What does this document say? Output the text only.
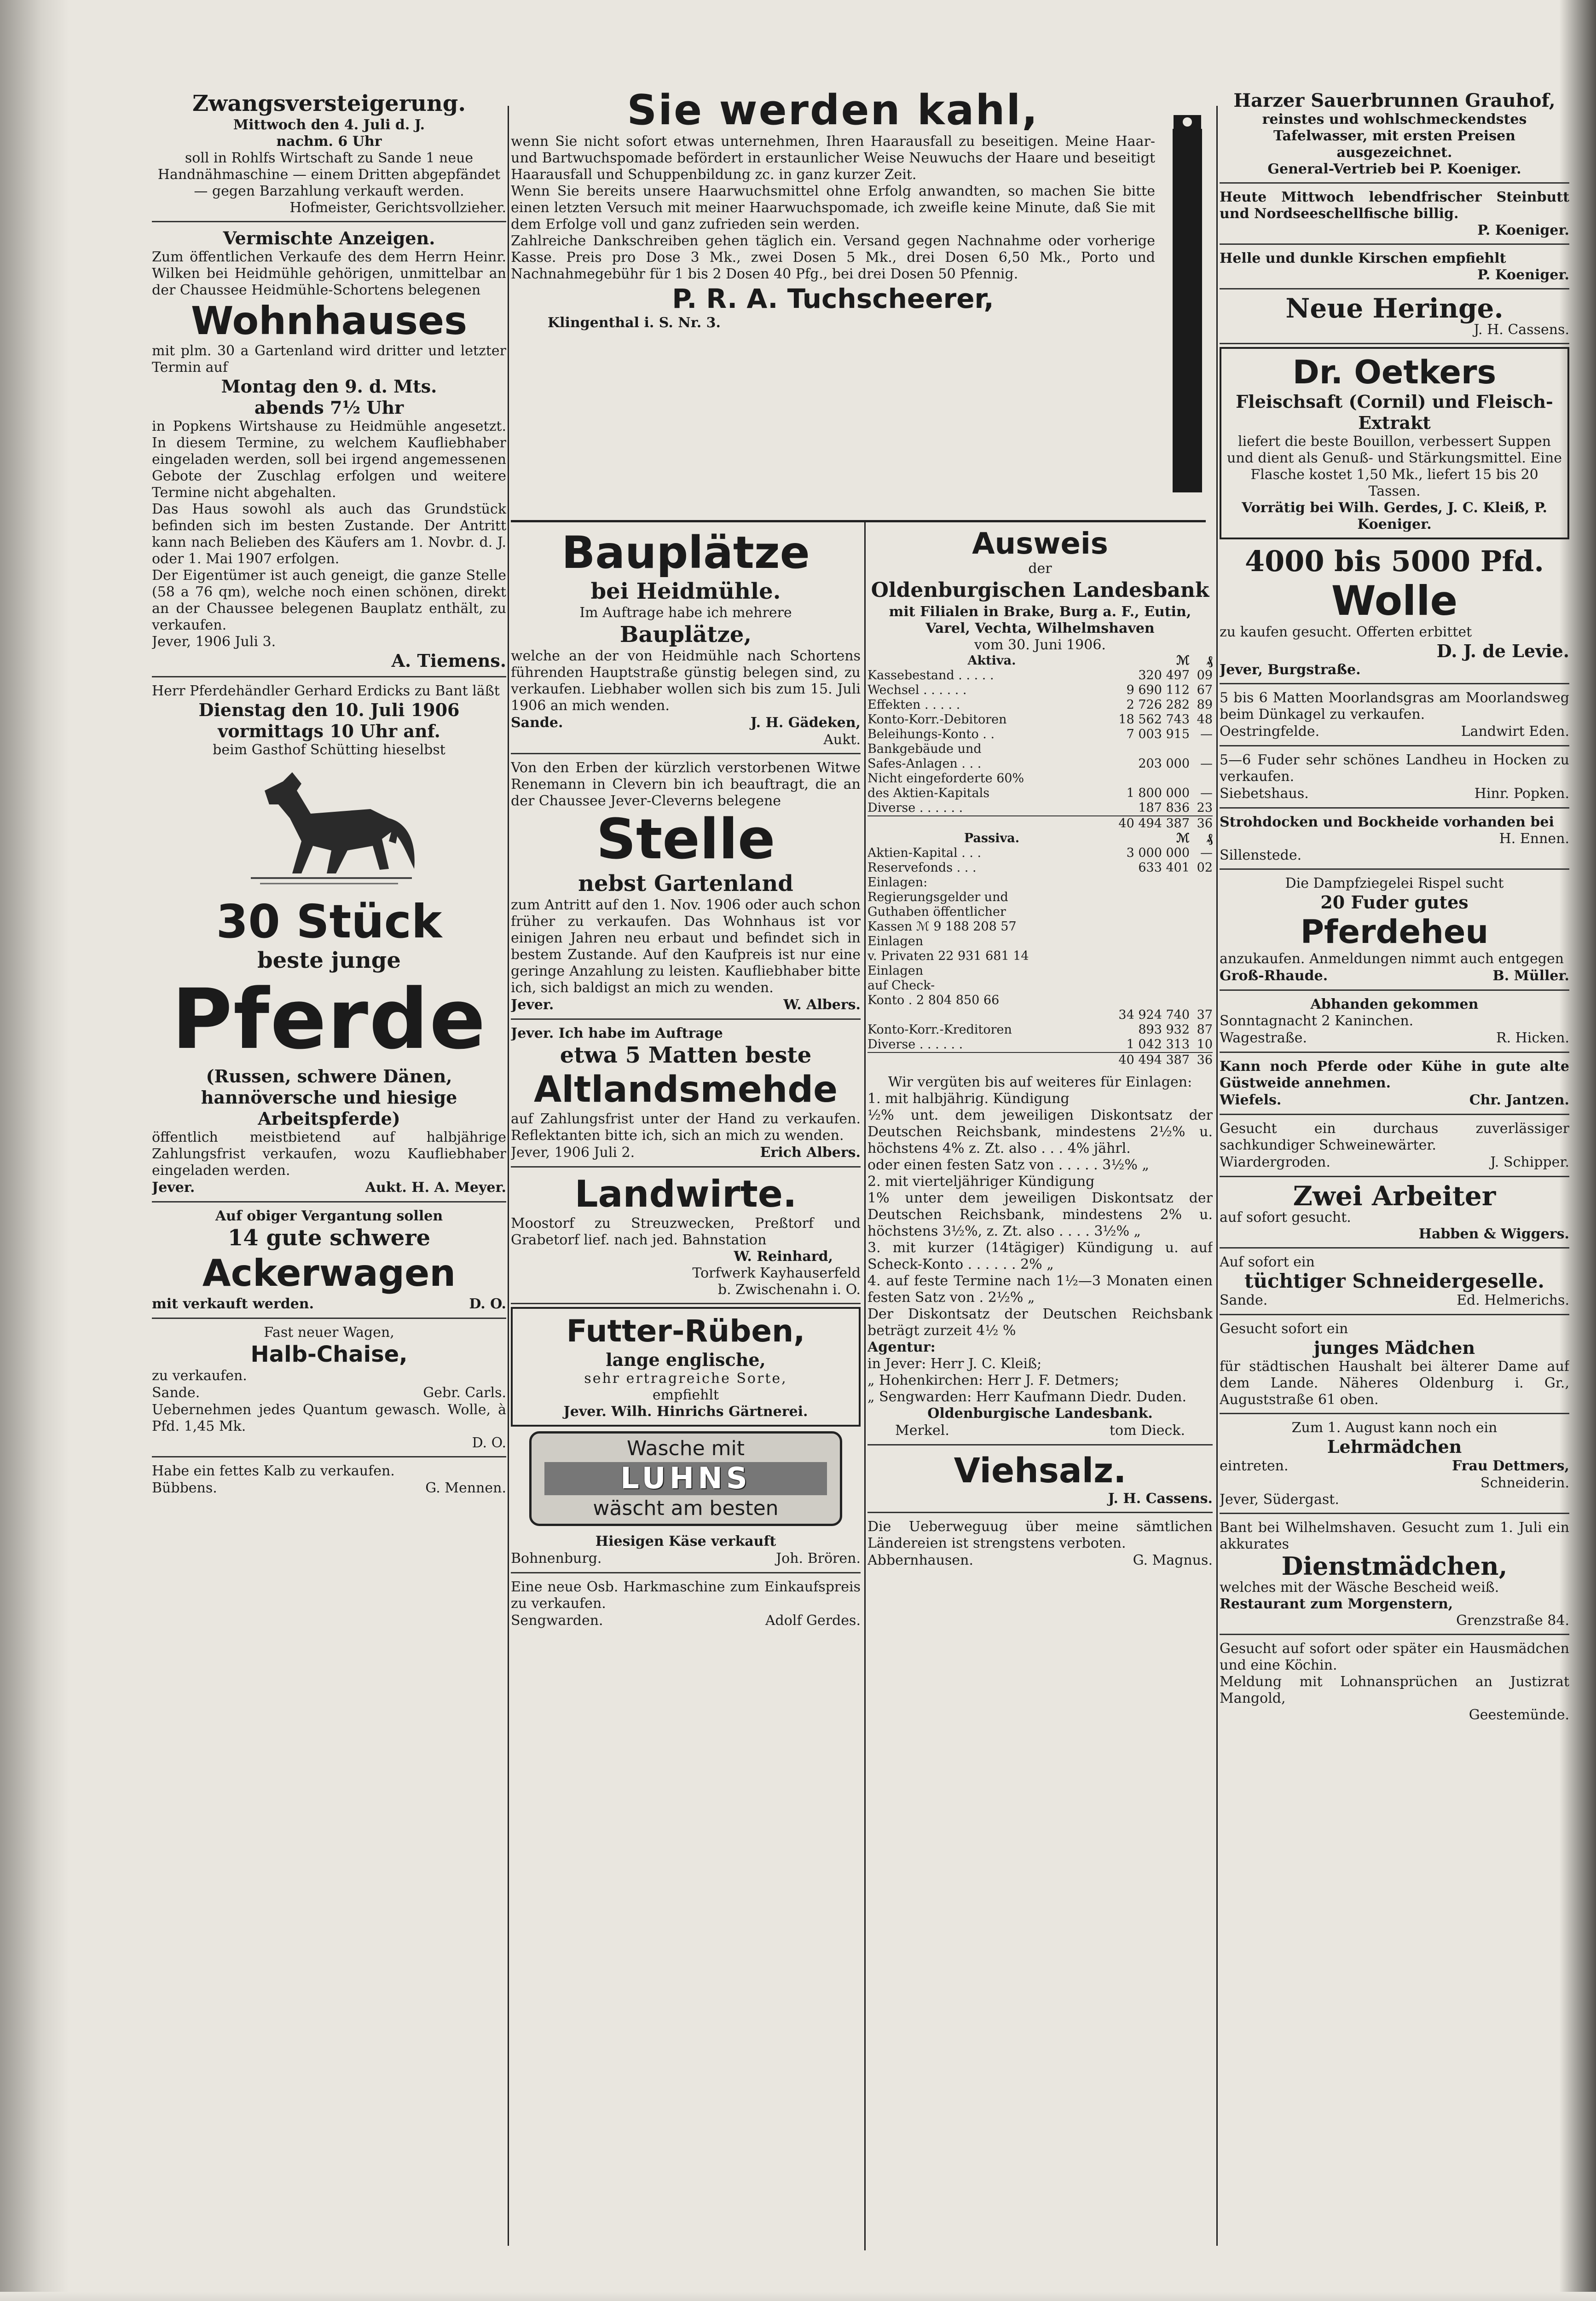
Zwangsversteigerung.
Mittwoch den 4. Juli d. J.
nachm. 6 Uhr
soll in Rohlfs Wirtschaft zu Sande 1 neue Handnähmaschine — einem Dritten abgepfändet — gegen Barzahlung verkauft werden.
Hofmeister, Gerichtsvollzieher.
Vermischte Anzeigen.
Zum öffentlichen Verkaufe des dem Herrn Heinr. Wilken bei Heidmühle gehörigen, unmittelbar an der Chaussee Heidmühle-Schortens belegenen
Wohnhauses
mit plm. 30 a Gartenland wird dritter und letzter Termin auf
Montag den 9. d. Mts.
abends 7½ Uhr
in Popkens Wirtshause zu Heidmühle angesetzt. In diesem Termine, zu welchem Kaufliebhaber eingeladen werden, soll bei irgend angemessenen Gebote der Zuschlag erfolgen und weitere Termine nicht abgehalten.
Das Haus sowohl als auch das Grundstück befinden sich im besten Zustande. Der Antritt kann nach Belieben des Käufers am 1. Novbr. d. J. oder 1. Mai 1907 erfolgen.
Der Eigentümer ist auch geneigt, die ganze Stelle (58 a 76 qm), welche noch einen schönen, direkt an der Chaussee belegenen Bauplatz enthält, zu verkaufen.
Jever, 1906 Juli 3.
A. Tiemens.
Herr Pferdehändler Gerhard Erdicks zu Bant läßt
Dienstag den 10. Juli 1906
vormittags 10 Uhr anf.
beim Gasthof Schütting hieselbst
30 Stück
beste junge
Pferde
(Russen, schwere Dänen, hannöversche und hiesige Arbeitspferde)
öffentlich meistbietend auf halbjährige Zahlungsfrist verkaufen, wozu Kaufliebhaber eingeladen werden.
Jever.	Aukt. H. A. Meyer.
Auf obiger Vergantung sollen
14 gute schwere
Ackerwagen
mit verkauft werden.	D. O.
Fast neuer Wagen,
Halb-Chaise,
zu verkaufen.
Sande.	Gebr. Carls.
Uebernehmen jedes Quantum gewasch. Wolle, à Pfd. 1,45 Mk.
D. O.
Habe ein fettes Kalb zu verkaufen.
Bübbens.	G. Mennen.
Sie werden kahl,
wenn Sie nicht sofort etwas unternehmen, Ihren Haarausfall zu beseitigen. Meine Haar- und Bartwuchspomade befördert in erstaunlicher Weise Neuwuchs der Haare und beseitigt Haarausfall und Schuppenbildung zc. in ganz kurzer Zeit.
Wenn Sie bereits unsere Haarwuchsmittel ohne Erfolg anwandten, so machen Sie bitte einen letzten Versuch mit meiner Haarwuchspomade, ich zweifle keine Minute, daß Sie mit dem Erfolge voll und ganz zufrieden sein werden.
Zahlreiche Dankschreiben gehen täglich ein. Versand gegen Nachnahme oder vorherige Kasse. Preis pro Dose 3 Mk., zwei Dosen 5 Mk., drei Dosen 6,50 Mk., Porto und Nachnahmegebühr für 1 bis 2 Dosen 40 Pfg., bei drei Dosen 50 Pfennig.
P. R. A. Tuchscheerer,
Klingenthal i. S. Nr. 3.
Bauplätze
bei Heidmühle.
Im Auftrage habe ich mehrere
Bauplätze,
welche an der von Heidmühle nach Schortens führenden Hauptstraße günstig belegen sind, zu verkaufen. Liebhaber wollen sich bis zum 15. Juli 1906 an mich wenden.
Sande.	J. H. Gädeken,
Aukt.
Von den Erben der kürzlich verstorbenen Witwe Renemann in Clevern bin ich beauftragt, die an der Chaussee Jever-Cleverns belegene
Stelle
nebst Gartenland
zum Antritt auf den 1. Nov. 1906 oder auch schon früher zu verkaufen. Das Wohnhaus ist vor einigen Jahren neu erbaut und befindet sich in bestem Zustande. Auf den Kaufpreis ist nur eine geringe Anzahlung zu leisten. Kaufliebhaber bitte ich, sich baldigst an mich zu wenden.
Jever.	W. Albers.
Jever. Ich habe im Auftrage
etwa 5 Matten beste
Altlandsmehde
auf Zahlungsfrist unter der Hand zu verkaufen. Reflektanten bitte ich, sich an mich zu wenden.
Jever, 1906 Juli 2.	Erich Albers.
Landwirte.
Moostorf zu Streuzwecken, Preßtorf und Grabetorf lief. nach jed. Bahnstation
W. Reinhard,
Torfwerk Kayhauserfeld
b. Zwischenahn i. O.
Futter-Rüben,
lange englische,
sehr ertragreiche Sorte,
empfiehlt
Jever. Wilh. Hinrichs Gärtnerei.
Wasche mit
LUHNS
wäscht am besten
Hiesigen Käse verkauft
Bohnenburg.	Joh. Brören.
Eine neue Osb. Harkmaschine zum Einkaufspreis zu verkaufen.
Sengwarden.	Adolf Gerdes.
Ausweis
der
Oldenburgischen Landesbank
mit Filialen in Brake, Burg a. F., Eutin, Varel, Vechta, Wilhelmshaven
vom 30. Juni 1906.
Aktiva.	ℳ	₰
Kassebestand . . . . .	320 497 09
Wechsel . . . . . .	9 690 112 67
Effekten . . . . .	2 726 282 89
Konto-Korr.-Debitoren	18 562 743 48
Beleihungs-Konto . .	7 003 915 —
Bankgebäude und
Safes-Anlagen . . .	203 000 —
Nicht eingeforderte 60%
des Aktien-Kapitals	1 800 000 —
Diverse . . . . . .	187 836 23
40 494 387 36
Passiva.	ℳ	₰
Aktien-Kapital . . .	3 000 000 —
Reservefonds . . .	633 401 02
Einlagen:
Regierungsgelder und
Guthaben öffentlicher
Kassen ℳ 9 188 208 57
Einlagen
v. Privaten 22 931 681 14
Einlagen
auf Check-
Konto . 2 804 850 66
34 924 740 37
Konto-Korr.-Kreditoren	893 932 87
Diverse . . . . . .	1 042 313 10
40 494 387 36
Wir vergüten bis auf weiteres für Einlagen:
1. mit halbjährig. Kündigung
½% unt. dem jeweiligen Diskontsatz der Deutschen Reichsbank, mindestens 2½% u. höchstens 4% z. Zt. also . . . 4% jährl.
oder einen festen Satz von . . . . . 3½% „
2. mit vierteljähriger Kündigung
1% unter dem jeweiligen Diskontsatz der Deutschen Reichsbank, mindestens 2% u. höchstens 3½%, z. Zt. also . . . . 3½% „
3. mit kurzer (14tägiger) Kündigung u. auf Scheck-Konto . . . . . . 2% „
4. auf feste Termine nach 1½—3 Monaten einen festen Satz von . 2½% „
Der Diskontsatz der Deutschen Reichsbank beträgt zurzeit 4½ %
Agentur:
in Jever: Herr J. C. Kleiß;
„ Hohenkirchen: Herr J. F. Detmers;
„ Sengwarden: Herr Kaufmann Diedr. Duden.
Oldenburgische Landesbank.
Merkel.	tom Dieck.
Viehsalz.
J. H. Cassens.
Die Ueberweguug über meine sämtlichen Ländereien ist strengstens verboten.
Abbernhausen.	G. Magnus.
Harzer Sauerbrunnen Grauhof,
reinstes und wohlschmeckendstes Tafelwasser, mit ersten Preisen ausgezeichnet.
General-Vertrieb bei P. Koeniger.
Heute Mittwoch lebendfrischer Steinbutt und Nordseeschellfische billig.
P. Koeniger.
Helle und dunkle Kirschen empfiehlt
P. Koeniger.
Neue Heringe.
J. H. Cassens.
Dr. Oetkers
Fleischsaft (Cornil) und Fleisch-Extrakt
liefert die beste Bouillon, verbessert Suppen und dient als Genuß- und Stärkungsmittel. Eine Flasche kostet 1,50 Mk., liefert 15 bis 20 Tassen.
Vorrätig bei Wilh. Gerdes, J. C. Kleiß, P. Koeniger.
4000 bis 5000 Pfd.
Wolle
zu kaufen gesucht. Offerten erbittet
D. J. de Levie.
Jever, Burgstraße.
5 bis 6 Matten Moorlandsgras am Moorlandsweg beim Dünkagel zu verkaufen.
Oestringfelde.	Landwirt Eden.
5—6 Fuder sehr schönes Landheu in Hocken zu verkaufen.
Siebetshaus.	Hinr. Popken.
Strohdocken und Bockheide vorhanden bei
H. Ennen.
Sillenstede.
Die Dampfziegelei Rispel sucht
20 Fuder gutes
Pferdeheu
anzukaufen. Anmeldungen nimmt auch entgegen
Groß-Rhaude.	B. Müller.
Abhanden gekommen
Sonntagnacht 2 Kaninchen.
Wagestraße.	R. Hicken.
Kann noch Pferde oder Kühe in gute alte Güstweide annehmen.
Wiefels.	Chr. Jantzen.
Gesucht ein durchaus zuverlässiger sachkundiger Schweinewärter.
Wiardergroden.	J. Schipper.
Zwei Arbeiter
auf sofort gesucht.
Habben & Wiggers.
Auf sofort ein
tüchtiger Schneidergeselle.
Sande.	Ed. Helmerichs.
Gesucht sofort ein
junges Mädchen
für städtischen Haushalt bei älterer Dame auf dem Lande. Näheres Oldenburg i. Gr., Auguststraße 61 oben.
Zum 1. August kann noch ein
Lehrmädchen
eintreten.	Frau Dettmers,
Schneiderin.
Jever, Südergast.
Bant bei Wilhelmshaven. Gesucht zum 1. Juli ein akkurates
Dienstmädchen,
welches mit der Wäsche Bescheid weiß.
Restaurant zum Morgenstern,
Grenzstraße 84.
Gesucht auf sofort oder später ein Hausmädchen und eine Köchin.
Meldung mit Lohnansprüchen an Justizrat Mangold,
Geestemünde.
